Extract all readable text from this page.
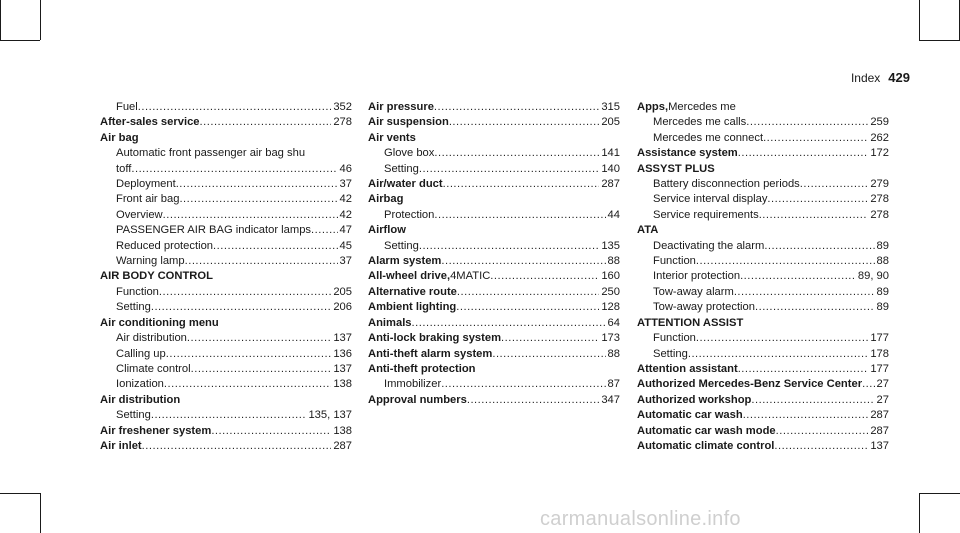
Index 429
Fuel .....	352
After-sales service .....	278
Air bag
Automatic front passenger air bag shu
toff .....	46
Deployment .....	37
Front air bag .....	42
Overview .....	42
PASSENGER AIR BAG indicator lamps .....	47
Reduced protection .....	45
Warning lamp .....	37
AIR BODY CONTROL
Function .....	205
Setting .....	206
Air conditioning menu
Air distribution .....	137
Calling up .....	136
Climate control .....	137
Ionization .....	138
Air distribution
Setting .....	135, 137
Air freshener system .....	138
Air inlet .....	287
Air pressure .....	315
Air suspension .....	205
Air vents
Glove box .....	141
Setting .....	140
Air/water duct .....	287
Airbag
Protection .....	44
Airflow
Setting .....	135
Alarm system .....	88
All-wheel drive, 4MATIC .....	160
Alternative route .....	250
Ambient lighting .....	128
Animals .....	64
Anti-lock braking system .....	173
Anti-theft alarm system .....	88
Anti-theft protection
Immobilizer .....	87
Approval numbers .....	347
Apps, Mercedes me
Mercedes me calls .....	259
Mercedes me connect .....	262
Assistance system .....	172
ASSYST PLUS
Battery disconnection periods .....	279
Service interval display .....	278
Service requirements .....	278
ATA
Deactivating the alarm .....	89
Function .....	88
Interior protection .....	89, 90
Tow-away alarm .....	89
Tow-away protection .....	89
ATTENTION ASSIST
Function .....	177
Setting .....	178
Attention assistant .....	177
Authorized Mercedes-Benz Service Center ..... 27
Authorized workshop .....	27
Automatic car wash .....	287
Automatic car wash mode .....	287
Automatic climate control .....	137
carmanualsonline.info
